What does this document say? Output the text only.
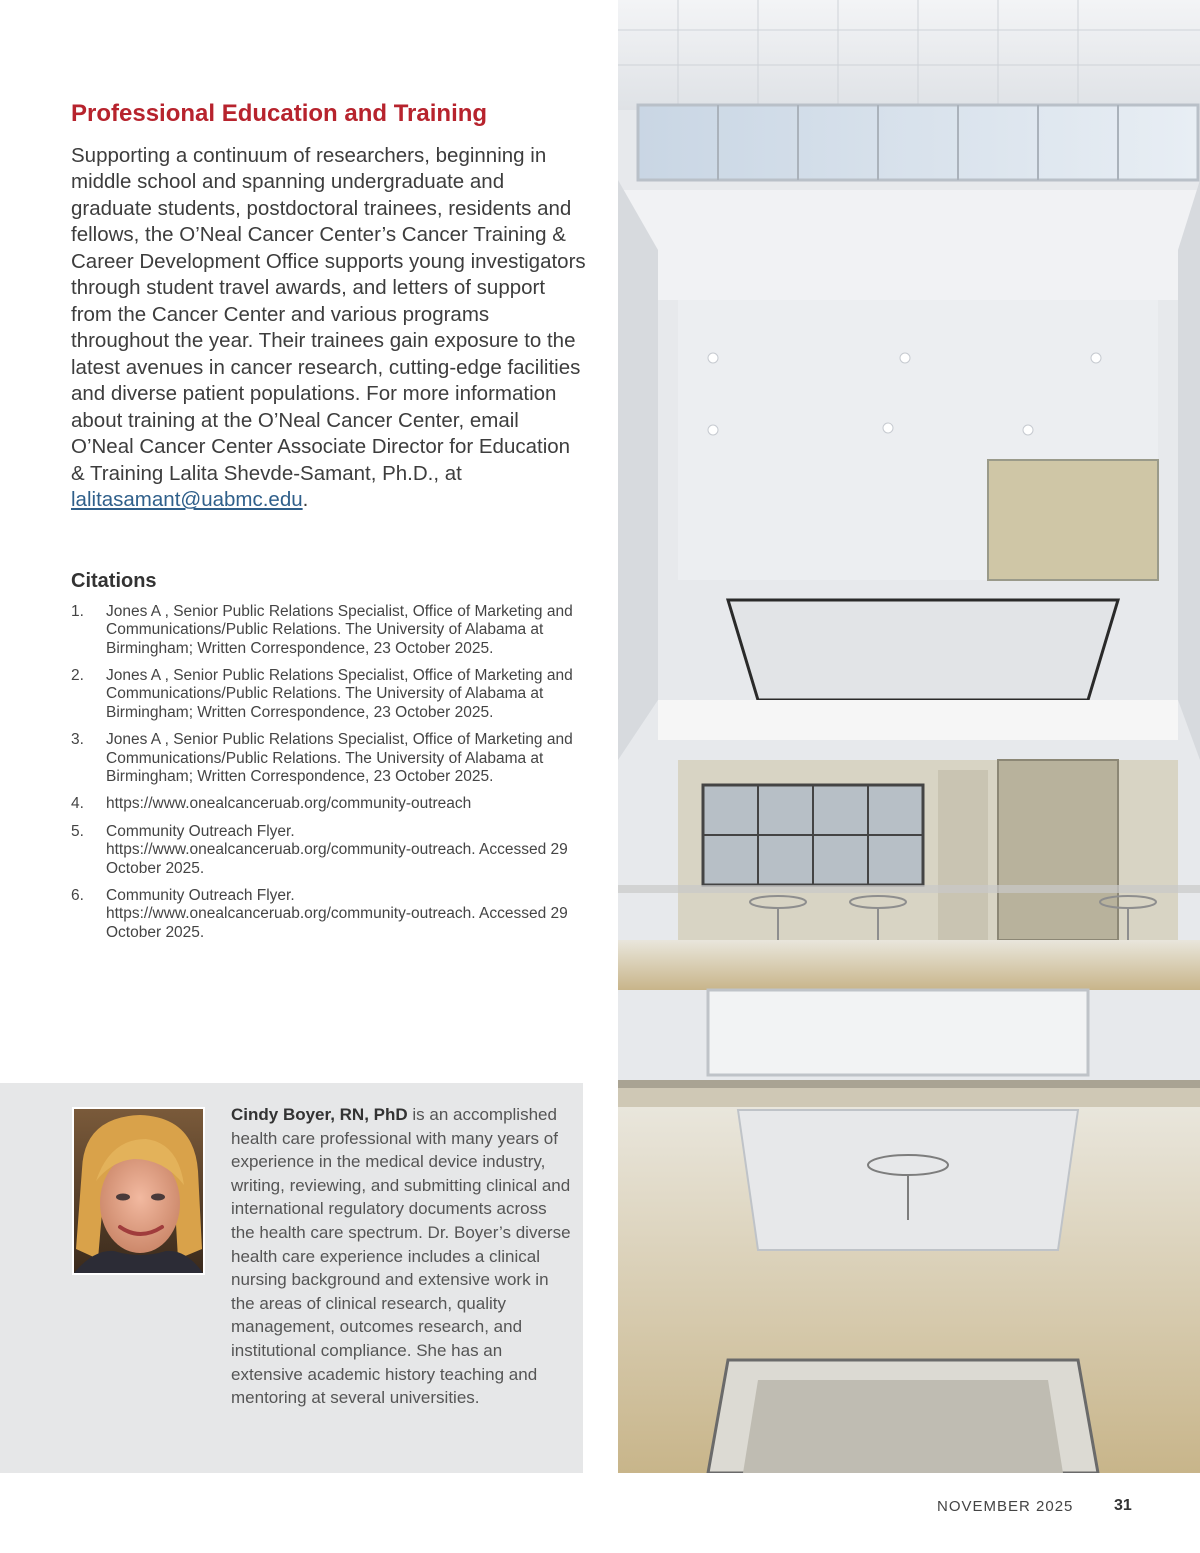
Professional Education and Training

Supporting a continuum of researchers, beginning in middle school and spanning undergraduate and graduate students, postdoctoral trainees, residents and fellows, the O’Neal Cancer Center’s Cancer Training & Career Development Office supports young investigators through student travel awards, and letters of support from the Cancer Center and various programs throughout the year. Their trainees gain exposure to the latest avenues in cancer research, cutting-edge facilities and diverse patient populations. For more information about training at the O’Neal Cancer Center, email O’Neal Cancer Center Associate Director for Education & Training Lalita Shevde-Samant, Ph.D., at lalitasamant@uabmc.edu.

Citations
1. Jones A , Senior Public Relations Specialist, Office of Marketing and Communications/Public Relations. The University of Alabama at Birmingham; Written Correspondence, 23 October 2025.
2. Jones A , Senior Public Relations Specialist, Office of Marketing and Communications/Public Relations. The University of Alabama at Birmingham; Written Correspondence, 23 October 2025.
3. Jones A , Senior Public Relations Specialist, Office of Marketing and Communications/Public Relations. The University of Alabama at Birmingham; Written Correspondence, 23 October 2025.
4. https://www.onealcanceruab.org/community-outreach
5. Community Outreach Flyer. https://www.onealcanceruab.org/community-outreach. Accessed 29 October 2025.
6. Community Outreach Flyer. https://www.onealcanceruab.org/community-outreach. Accessed 29 October 2025.
Cindy Boyer, RN, PhD is an accomplished health care professional with many years of experience in the medical device industry, writing, reviewing, and submitting clinical and international regulatory documents across the health care spectrum. Dr. Boyer’s diverse health care experience includes a clinical nursing background and extensive work in the areas of clinical research, quality management, outcomes research, and institutional compliance. She has an extensive academic history teaching and mentoring at several universities.
NOVEMBER 2025	31
